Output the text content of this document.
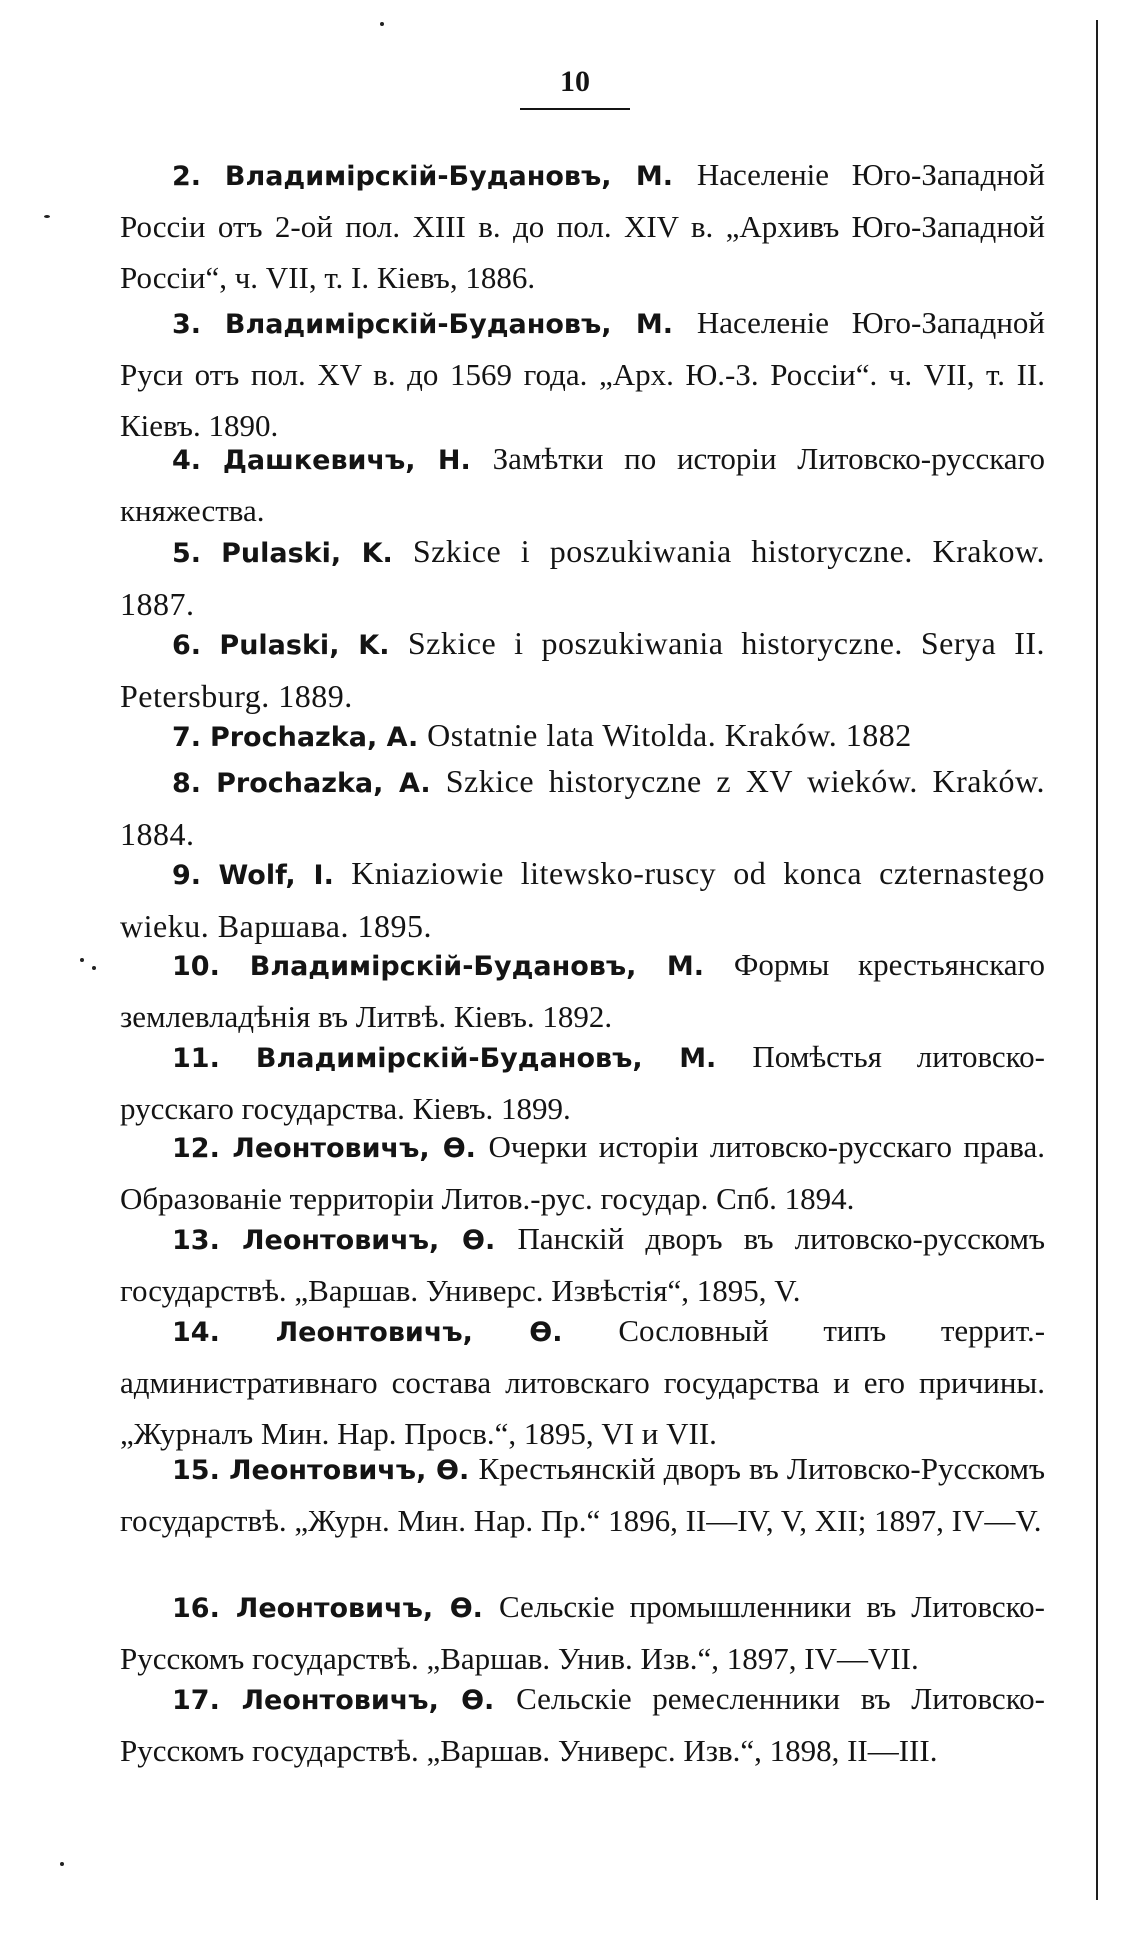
10
2. Владимірскій-Будановъ, М. Населеніе Юго-Западной Россіи отъ 2-ой пол. XIII в. до пол. XIV в. „Архивъ Юго-Западной Россіи“, ч. VII, т. I. Кіевъ, 1886.
3. Владимірскій-Будановъ, М. Населеніе Юго-Западной Руси отъ пол. XV в. до 1569 года. „Арх. Ю.-З. Россіи“. ч. VII, т. II. Кіевъ. 1890.
4. Дашкевичъ, Н. Замѣтки по исторіи Литовско-русскаго княжества.
5. Pulaski, K. Szkice i poszukiwania historyczne. Krakow. 1887.
6. Pulaski, K. Szkice i poszukiwania historyczne. Serya II. Petersburg. 1889.
7. Prochazka, A. Ostatnie lata Witolda. Kraków. 1882
8. Prochazka, A. Szkice historyczne z XV wieków. Kraków. 1884.
9. Wolf, I. Kniaziowie litewsko-ruscy od konca czternastego wieku. Варшава. 1895.
10. Владимірскій-Будановъ, М. Формы крестьянскаго землевладѣнія въ Литвѣ. Кіевъ. 1892.
11. Владимірскій-Будановъ, М. Помѣстья литовско-русскаго государства. Кіевъ. 1899.
12. Леонтовичъ, Ѳ. Очерки исторіи литовско-русскаго права. Образованіе территоріи Литов.-рус. государ. Спб. 1894.
13. Леонтовичъ, Ѳ. Панскій дворъ въ литовско-русскомъ государствѣ. „Варшав. Универс. Извѣстія“, 1895, V.
14. Леонтовичъ, Ѳ. Сословный типъ террит.-административнаго состава литовскаго государства и его причины. „Журналъ Мин. Нар. Просв.“, 1895, VI и VII.
15. Леонтовичъ, Ѳ. Крестьянскій дворъ въ Литовско-Русскомъ государствѣ. „Журн. Мин. Нар. Пр.“ 1896, II—IV, V, XII; 1897, IV—V.
16. Леонтовичъ, Ѳ. Сельскіе промышленники въ Литовско-Русскомъ государствѣ. „Варшав. Унив. Изв.“, 1897, IV—VII.
17. Леонтовичъ, Ѳ. Сельскіе ремесленники въ Литовско-Русскомъ государствѣ. „Варшав. Универс. Изв.“, 1898, II—III.
